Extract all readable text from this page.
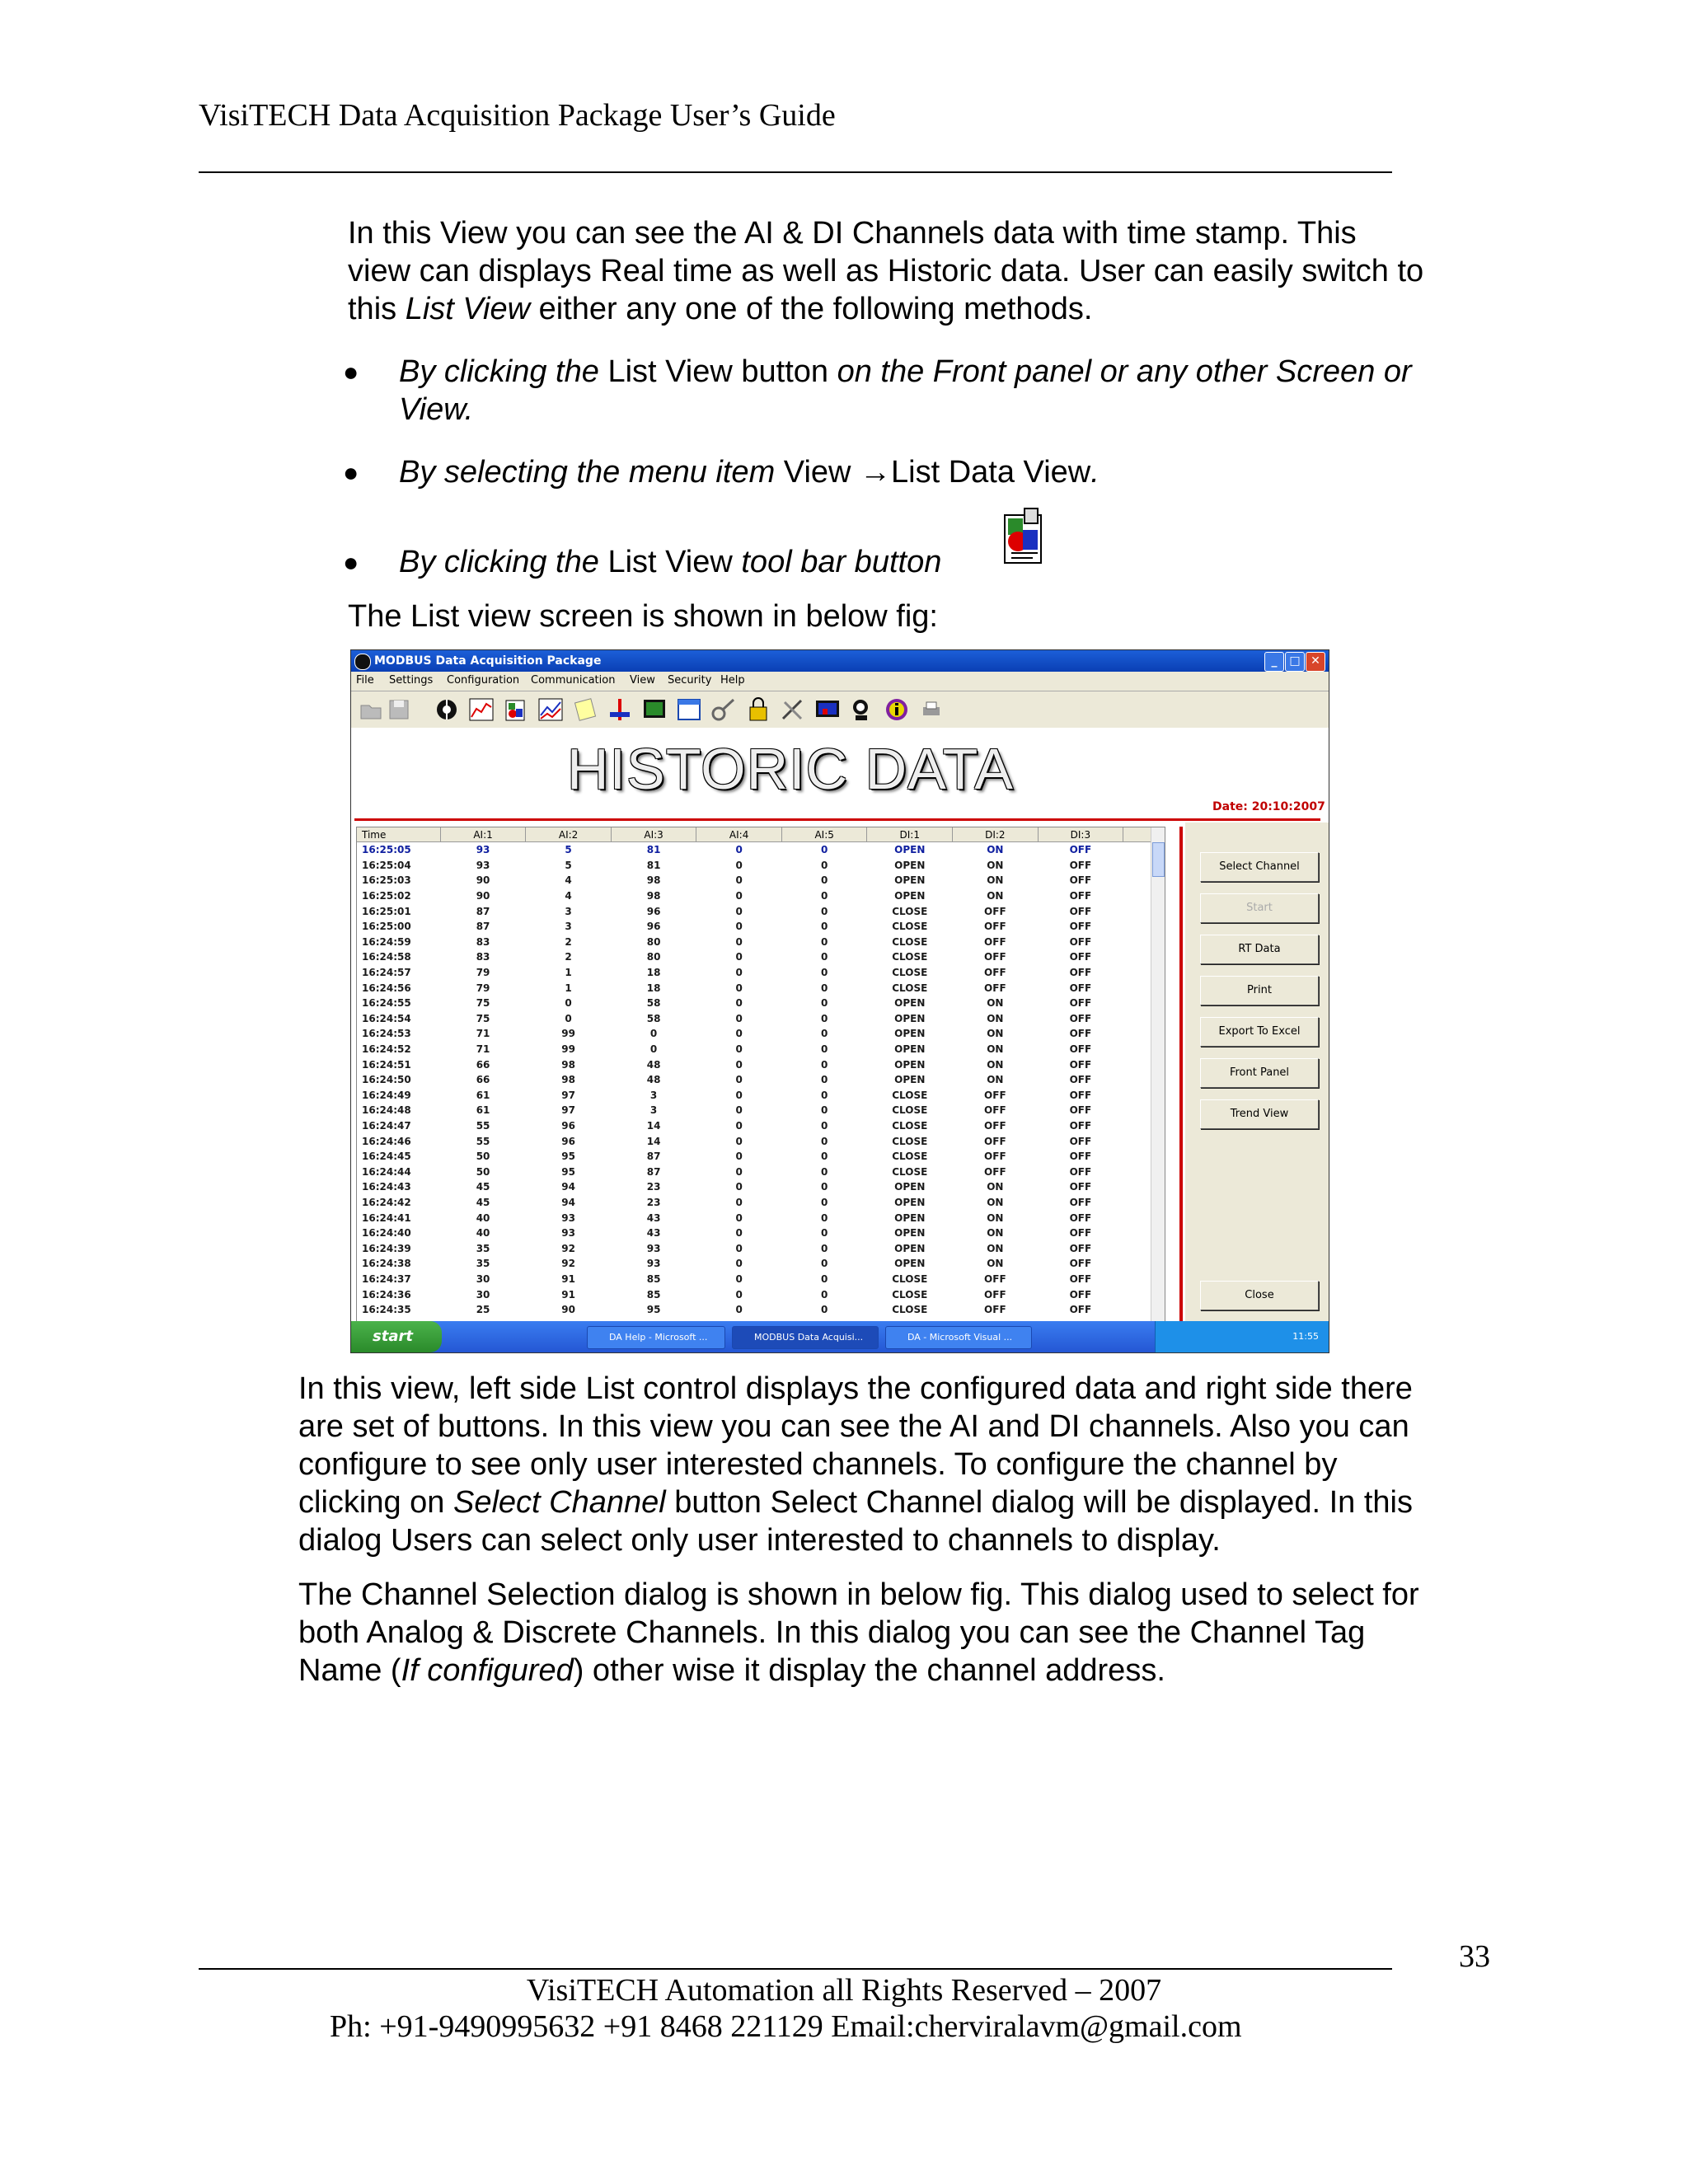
VisiTECH Data Acquisition Package User’s Guide
In this View you can see the AI & DI Channels data with time stamp. This
view can displays Real time as well as Historic data. User can easily switch to
this List View either any one of the following methods.
● By clicking the List View button on the Front panel or any other Screen or
View.
● By selecting the menu item View →List Data View.
● By clicking the List View tool bar button
The List view screen is shown in below fig:
MODBUS Data Acquisition Package	_	□ ✕
File Settings Configuration Communication View Security Help
HISTORIC DATA
Date: 20:10:2007
Time	AI:1	AI:2	AI:3	AI:4	AI:5	DI:1	DI:2	DI:3	
16:25:05	93	5	81	0	0	OPEN	ON	OFF	
16:25:04	93	5	81	0	0	OPEN	ON	OFF	
16:25:03	90	4	98	0	0	OPEN	ON	OFF	
16:25:02	90	4	98	0	0	OPEN	ON	OFF	
16:25:01	87	3	96	0	0	CLOSE	OFF	OFF	
16:25:00	87	3	96	0	0	CLOSE	OFF	OFF	
16:24:59	83	2	80	0	0	CLOSE	OFF	OFF	
16:24:58	83	2	80	0	0	CLOSE	OFF	OFF	
16:24:57	79	1	18	0	0	CLOSE	OFF	OFF	
16:24:56	79	1	18	0	0	CLOSE	OFF	OFF	
16:24:55	75	0	58	0	0	OPEN	ON	OFF	
16:24:54	75	0	58	0	0	OPEN	ON	OFF	
16:24:53	71	99	0	0	0	OPEN	ON	OFF	
16:24:52	71	99	0	0	0	OPEN	ON	OFF	
16:24:51	66	98	48	0	0	OPEN	ON	OFF	
16:24:50	66	98	48	0	0	OPEN	ON	OFF	
16:24:49	61	97	3	0	0	CLOSE	OFF	OFF	
16:24:48	61	97	3	0	0	CLOSE	OFF	OFF	
16:24:47	55	96	14	0	0	CLOSE	OFF	OFF	
16:24:46	55	96	14	0	0	CLOSE	OFF	OFF	
16:24:45	50	95	87	0	0	CLOSE	OFF	OFF	
16:24:44	50	95	87	0	0	CLOSE	OFF	OFF	
16:24:43	45	94	23	0	0	OPEN	ON	OFF	
16:24:42	45	94	23	0	0	OPEN	ON	OFF	
16:24:41	40	93	43	0	0	OPEN	ON	OFF	
16:24:40	40	93	43	0	0	OPEN	ON	OFF	
16:24:39	35	92	93	0	0	OPEN	ON	OFF	
16:24:38	35	92	93	0	0	OPEN	ON	OFF	
16:24:37	30	91	85	0	0	CLOSE	OFF	OFF	
16:24:36	30	91	85	0	0	CLOSE	OFF	OFF	
16:24:35	25	90	95	0	0	CLOSE	OFF	OFF	
Select Channel
Start
RT Data
Print
Export To Excel
Front Panel
Trend View
Close
start	DA Help - Microsoft ...	MODBUS Data Acquisi...	DA - Microsoft Visual ...	11:55
In this view, left side List control displays the configured data and right side there
are set of buttons. In this view you can see the AI and DI channels. Also you can
configure to see only user interested channels. To configure the channel by
clicking on Select Channel button Select Channel dialog will be displayed. In this
dialog Users can select only user interested to channels to display.
The Channel Selection dialog is shown in below fig. This dialog used to select for
both Analog & Discrete Channels. In this dialog you can see the Channel Tag
Name (If configured) other wise it display the channel address.
33
VisiTECH Automation all Rights Reserved – 2007
Ph: +91-9490995632 +91 8468 221129 Email:cherviralavm@gmail.com
